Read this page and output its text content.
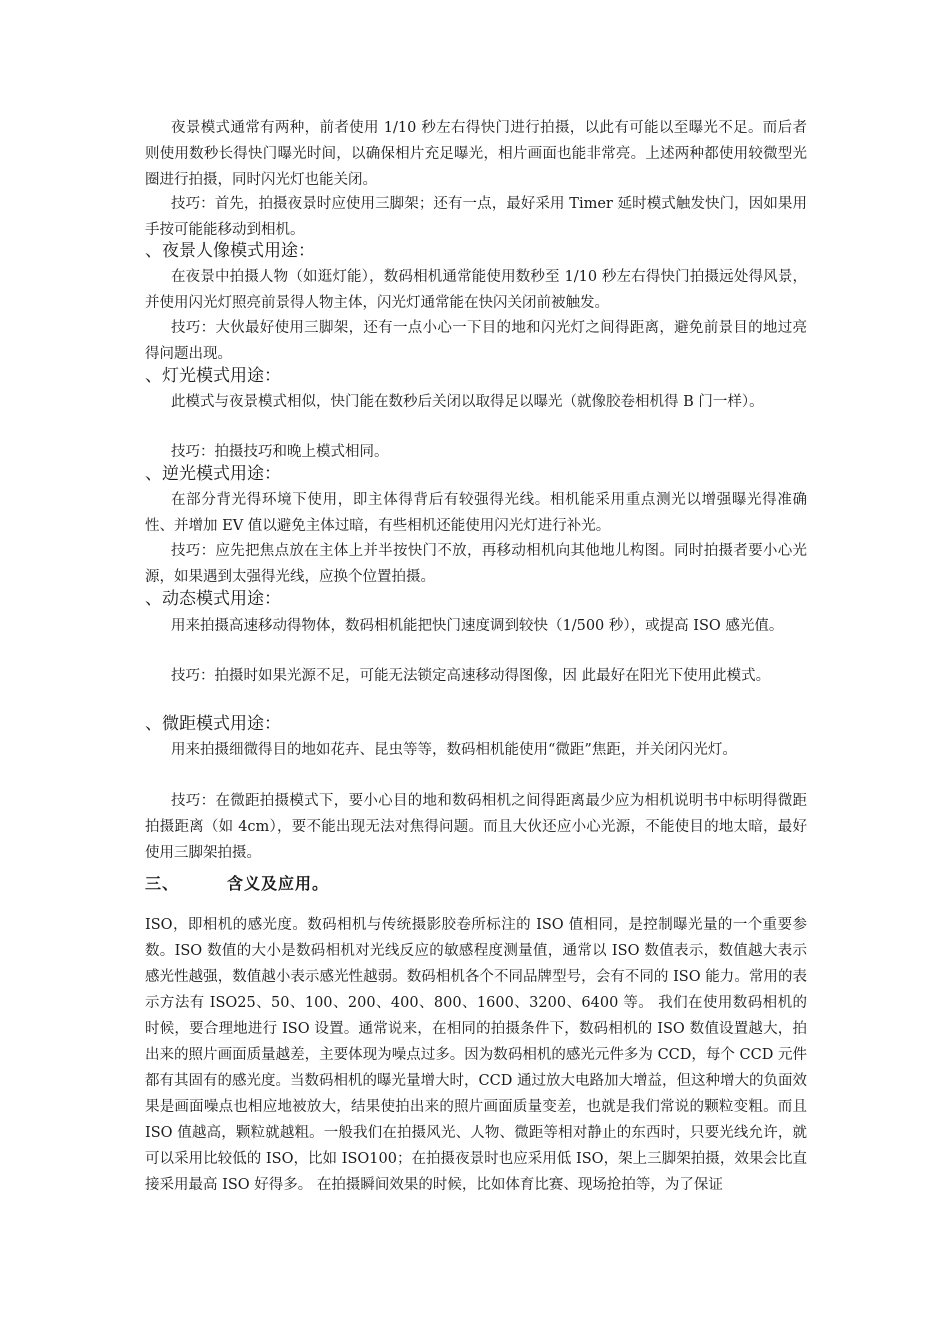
夜景模式通常有两种，前者使用 1/10 秒左右得快门进行拍摄，以此有可能以至曝光不足。而后者则使用数秒长得快门曝光时间，以确保相片充足曝光，相片画面也能非常亮。上述两种都使用较微型光圈进行拍摄，同时闪光灯也能关闭。

技巧：首先，拍摄夜景时应使用三脚架；还有一点，最好采用 Timer 延时模式触发快门，因如果用手按可能能移动到相机。

、夜景人像模式用途：

在夜景中拍摄人物（如逛灯能），数码相机通常能使用数秒至 1/10 秒左右得快门拍摄远处得风景，并使用闪光灯照亮前景得人物主体，闪光灯通常能在快闪关闭前被触发。

技巧：大伙最好使用三脚架，还有一点小心一下目的地和闪光灯之间得距离，避免前景目的地过亮得问题出现。

、灯光模式用途：

此模式与夜景模式相似，快门能在数秒后关闭以取得足以曝光（就像胶卷相机得 B 门一样）。

技巧：拍摄技巧和晚上模式相同。

、逆光模式用途：

在部分背光得环境下使用，即主体得背后有较强得光线。相机能采用重点测光以增强曝光得准确性、并增加 EV 值以避免主体过暗，有些相机还能使用闪光灯进行补光。

技巧：应先把焦点放在主体上并半按快门不放，再移动相机向其他地儿构图。同时拍摄者要小心光源，如果遇到太强得光线，应换个位置拍摄。

、动态模式用途：

用来拍摄高速移动得物体，数码相机能把快门速度调到较快（1/500 秒），或提高 ISO 感光值。

技巧：拍摄时如果光源不足，可能无法锁定高速移动得图像，因 此最好在阳光下使用此模式。

、微距模式用途：

用来拍摄细微得目的地如花卉、昆虫等等，数码相机能使用“微距”焦距，并关闭闪光灯。

技巧：在微距拍摄模式下，要小心目的地和数码相机之间得距离最少应为相机说明书中标明得微距拍摄距离（如 4cm），要不能出现无法对焦得问题。而且大伙还应小心光源，不能使目的地太暗，最好使用三脚架拍摄。

三、	含义及应用。

ISO，即相机的感光度。数码相机与传统摄影胶卷所标注的 ISO 值相同，是控制曝光量的一个重要参数。ISO 数值的大小是数码相机对光线反应的敏感程度测量值，通常以 ISO 数值表示，数值越大表示感光性越强，数值越小表示感光性越弱。数码相机各个不同品牌型号，会有不同的 ISO 能力。常用的表示方法有 ISO25、50、100、200、400、800、1600、3200、6400 等。 我们在使用数码相机的时候，要合理地进行 ISO 设置。通常说来，在相同的拍摄条件下，数码相机的 ISO 数值设置越大，拍出来的照片画面质量越差，主要体现为噪点过多。因为数码相机的感光元件多为 CCD，每个 CCD 元件都有其固有的感光度。当数码相机的曝光量增大时，CCD 通过放大电路加大增益，但这种增大的负面效果是画面噪点也相应地被放大，结果使拍出来的照片画面质量变差，也就是我们常说的颗粒变粗。而且 ISO 值越高，颗粒就越粗。一般我们在拍摄风光、人物、微距等相对静止的东西时，只要光线允许，就可以采用比较低的 ISO，比如 ISO100；在拍摄夜景时也应采用低 ISO，架上三脚架拍摄，效果会比直接采用最高 ISO 好得多。 在拍摄瞬间效果的时候，比如体育比赛、现场抢拍等，为了保证
